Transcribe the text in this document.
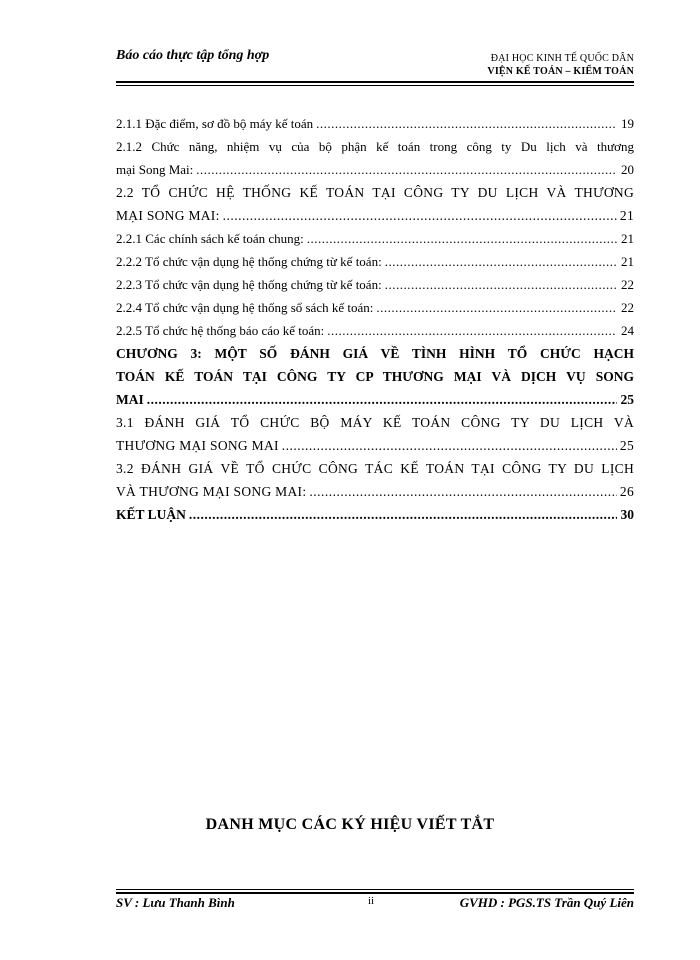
Báo cáo thực tập tổng hợp	ĐẠI HỌC KINH TẾ QUỐC DÂN
VIỆN KẾ TOÁN – KIỂM TOÁN
2.1.1 Đặc điểm, sơ đồ bộ máy kế toán .....	19
2.1.2 Chức năng, nhiệm vụ của bộ phận kế toán trong công ty Du lịch và thương
mại Song Mai: .....	20
2.2 TỔ CHỨC HỆ THỐNG KẾ TOÁN TẠI CÔNG TY DU LỊCH VÀ THƯƠNG
MẠI SONG MAI: .....	21
2.2.1 Các chính sách kế toán chung: .....	21
2.2.2 Tổ chức vận dụng hệ thống chứng từ kế toán: .....	21
2.2.3 Tổ chức vận dụng hệ thống chứng từ kế toán: .....	22
2.2.4 Tổ chức vận dụng hệ thống sổ sách kế toán: .....	22
2.2.5 Tổ chức hệ thống báo cáo kế toán: .....	24
CHƯƠNG 3: MỘT SỐ ĐÁNH GIÁ VỀ TÌNH HÌNH TỔ CHỨC HẠCH
TOÁN KẾ TOÁN TẠI CÔNG TY CP THƯƠNG MẠI VÀ DỊCH VỤ SONG
MAI .....	25
3.1 ĐÁNH GIÁ TỔ CHỨC BỘ MÁY KẾ TOÁN CÔNG TY DU LỊCH VÀ
THƯƠNG MẠI SONG MAI .....	25
3.2 ĐÁNH GIÁ VỀ TỔ CHỨC CÔNG TÁC KẾ TOÁN TẠI CÔNG TY DU LỊCH
VÀ THƯƠNG MẠI SONG MAI: .....	26
KẾT LUẬN .....	30
DANH MỤC CÁC KÝ HIỆU VIẾT TẮT
SV : Lưu Thanh Bình	ii	GVHD : PGS.TS Trần Quý Liên
